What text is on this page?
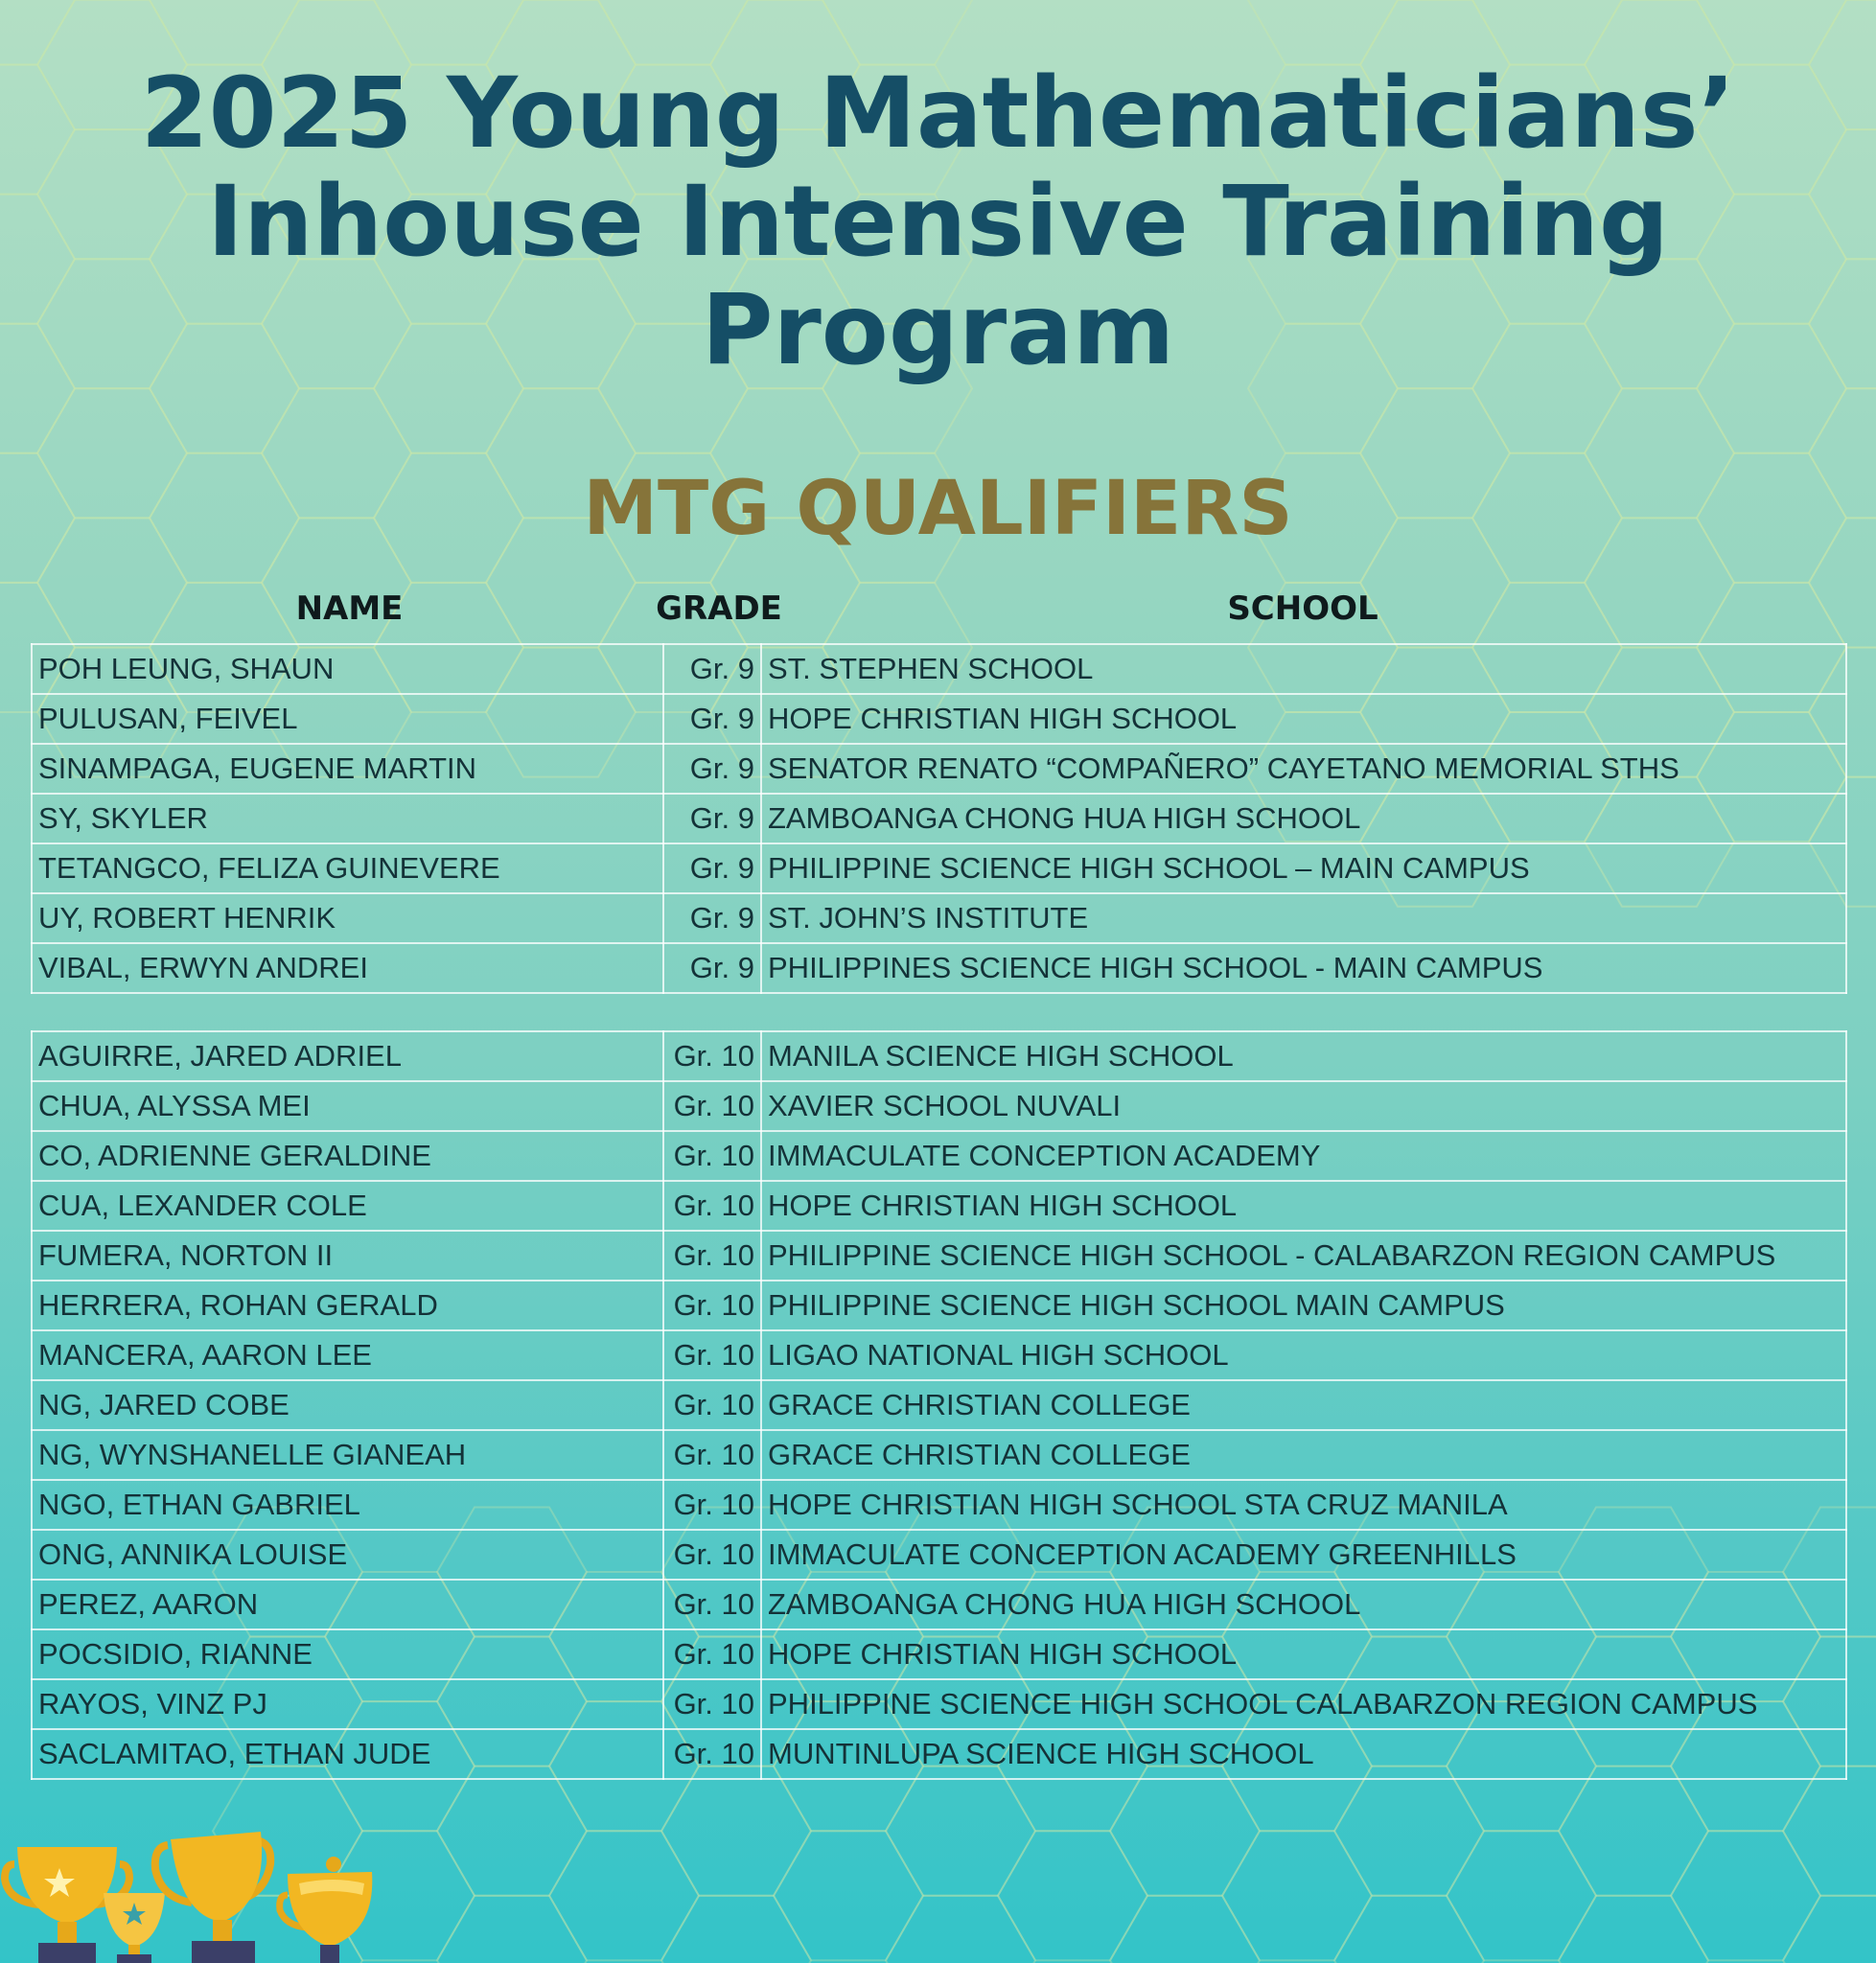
2025 Young Mathematicians’
Inhouse Intensive Training
Program
MTG QUALIFIERS
NAME	GRADE	SCHOOL
POH LEUNG, SHAUN	Gr. 9	ST. STEPHEN SCHOOL
PULUSAN, FEIVEL	Gr. 9	HOPE CHRISTIAN HIGH SCHOOL
SINAMPAGA, EUGENE MARTIN	Gr. 9	SENATOR RENATO “COMPAÑERO” CAYETANO MEMORIAL STHS
SY, SKYLER	Gr. 9	ZAMBOANGA CHONG HUA HIGH SCHOOL
TETANGCO, FELIZA GUINEVERE	Gr. 9	PHILIPPINE SCIENCE HIGH SCHOOL – MAIN CAMPUS
UY, ROBERT HENRIK	Gr. 9	ST. JOHN’S INSTITUTE
VIBAL, ERWYN ANDREI	Gr. 9	PHILIPPINES SCIENCE HIGH SCHOOL - MAIN CAMPUS
AGUIRRE, JARED ADRIEL	Gr. 10	MANILA SCIENCE HIGH SCHOOL
CHUA, ALYSSA MEI	Gr. 10	XAVIER SCHOOL NUVALI
CO, ADRIENNE GERALDINE	Gr. 10	IMMACULATE CONCEPTION ACADEMY
CUA, LEXANDER COLE	Gr. 10	HOPE CHRISTIAN HIGH SCHOOL
FUMERA, NORTON II	Gr. 10	PHILIPPINE SCIENCE HIGH SCHOOL - CALABARZON REGION CAMPUS
HERRERA, ROHAN GERALD	Gr. 10	PHILIPPINE SCIENCE HIGH SCHOOL MAIN CAMPUS
MANCERA, AARON LEE	Gr. 10	LIGAO NATIONAL HIGH SCHOOL
NG, JARED COBE	Gr. 10	GRACE CHRISTIAN COLLEGE
NG, WYNSHANELLE GIANEAH	Gr. 10	GRACE CHRISTIAN COLLEGE
NGO, ETHAN GABRIEL	Gr. 10	HOPE CHRISTIAN HIGH SCHOOL STA CRUZ MANILA
ONG, ANNIKA LOUISE	Gr. 10	IMMACULATE CONCEPTION ACADEMY GREENHILLS
PEREZ, AARON	Gr. 10	ZAMBOANGA CHONG HUA HIGH SCHOOL
POCSIDIO, RIANNE	Gr. 10	HOPE CHRISTIAN HIGH SCHOOL
RAYOS, VINZ PJ	Gr. 10	PHILIPPINE SCIENCE HIGH SCHOOL CALABARZON REGION CAMPUS
SACLAMITAO, ETHAN JUDE	Gr. 10	MUNTINLUPA SCIENCE HIGH SCHOOL
